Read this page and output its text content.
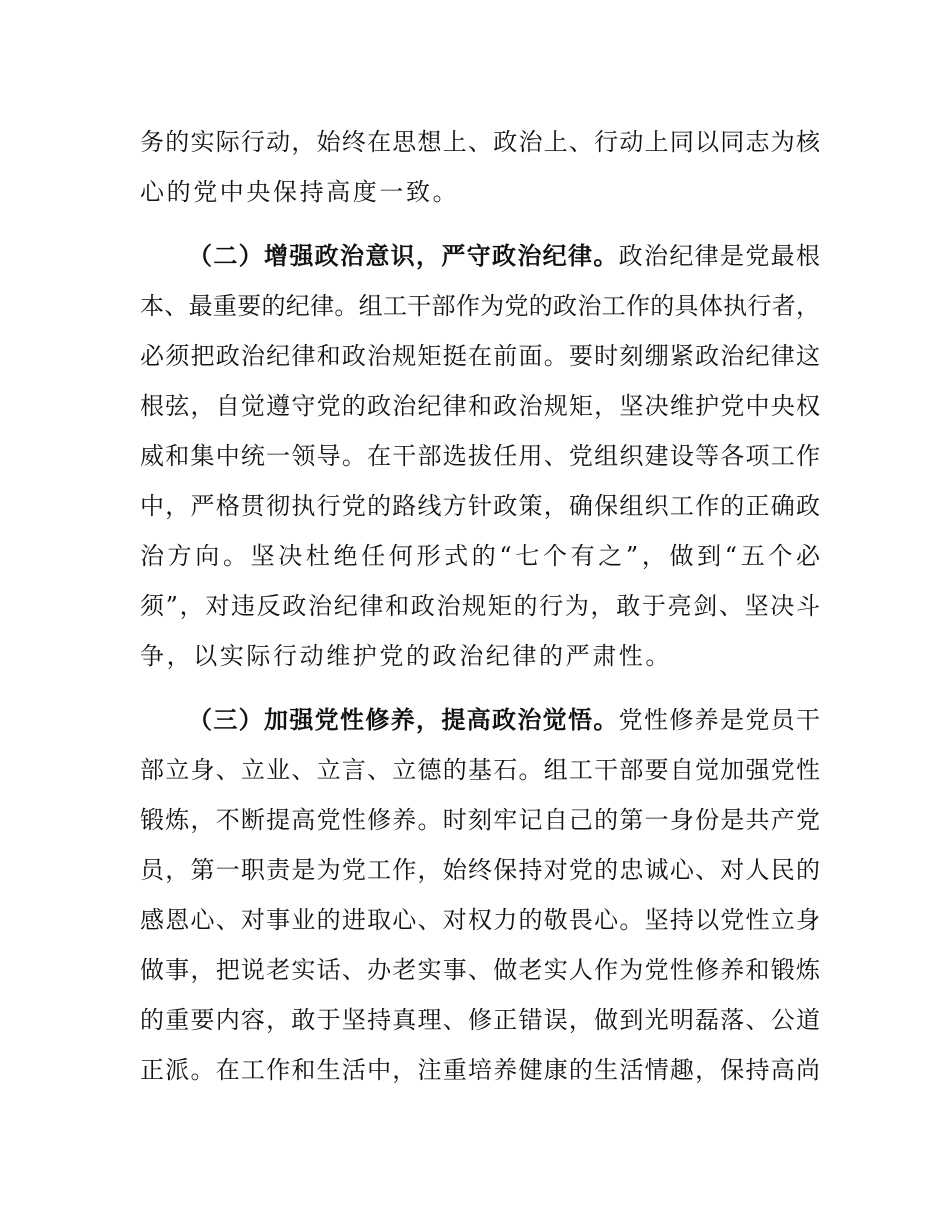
务的实际行动，始终在思想上、政治上、行动上同以同志为核
心的党中央保持高度一致。
（二）增强政治意识，严守政治纪律。政治纪律是党最根
本、最重要的纪律。组工干部作为党的政治工作的具体执行者，
必须把政治纪律和政治规矩挺在前面。要时刻绷紧政治纪律这
根弦，自觉遵守党的政治纪律和政治规矩，坚决维护党中央权
威和集中统一领导。在干部选拔任用、党组织建设等各项工作
中，严格贯彻执行党的路线方针政策，确保组织工作的正确政
治方向。坚决杜绝任何形式的“七个有之”，做到“五个必
须”，对违反政治纪律和政治规矩的行为，敢于亮剑、坚决斗
争，以实际行动维护党的政治纪律的严肃性。
（三）加强党性修养，提高政治觉悟。党性修养是党员干
部立身、立业、立言、立德的基石。组工干部要自觉加强党性
锻炼，不断提高党性修养。时刻牢记自己的第一身份是共产党
员，第一职责是为党工作，始终保持对党的忠诚心、对人民的
感恩心、对事业的进取心、对权力的敬畏心。坚持以党性立身
做事，把说老实话、办老实事、做老实人作为党性修养和锻炼
的重要内容，敢于坚持真理、修正错误，做到光明磊落、公道
正派。在工作和生活中，注重培养健康的生活情趣，保持高尚
